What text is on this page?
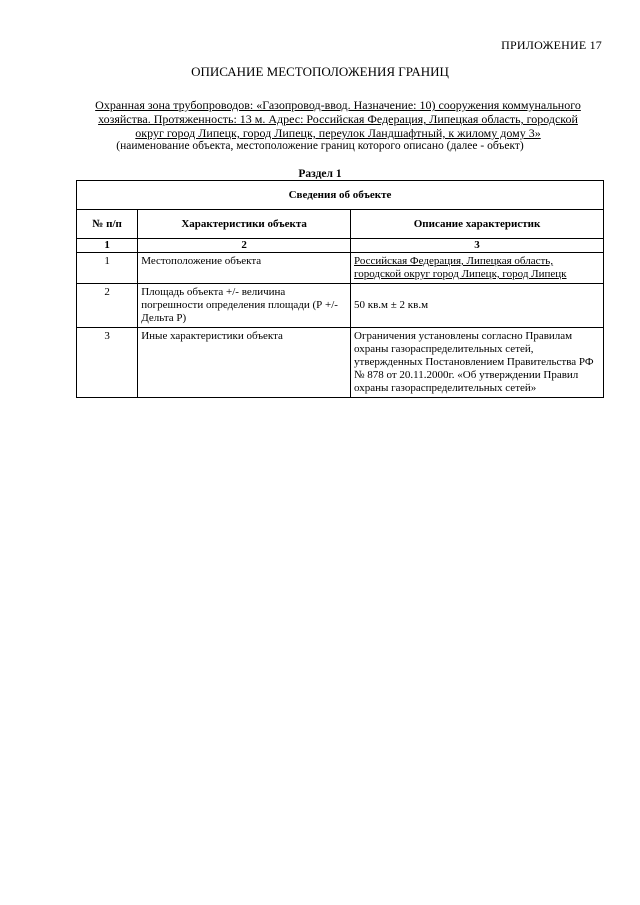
ПРИЛОЖЕНИЕ 17
ОПИСАНИЕ МЕСТОПОЛОЖЕНИЯ ГРАНИЦ
Охранная зона трубопроводов: «Газопровод-ввод. Назначение: 10) сооружения коммунального хозяйства. Протяженность: 13 м. Адрес: Российская Федерация, Липецкая область, городской округ город Липецк, город Липецк, переулок Ландшафтный, к жилому дому 3»
(наименование объекта, местоположение границ которого описано (далее - объект)
Раздел 1
Сведения об объекте		
№ п/п	Характеристики объекта	Описание характеристик
1	2	3
1	Местоположение объекта	Российская Федерация, Липецкая область, городской округ город Липецк, город Липецк
2	Площадь объекта +/- величина погрешности определения площади (Р +/- Дельта Р)	50 кв.м ± 2 кв.м
3	Иные характеристики объекта	Ограничения установлены согласно Правилам охраны газораспределительных сетей, утвержденных Постановлением Правительства РФ № 878 от 20.11.2000г. «Об утверждении Правил охраны газораспределительных сетей»
